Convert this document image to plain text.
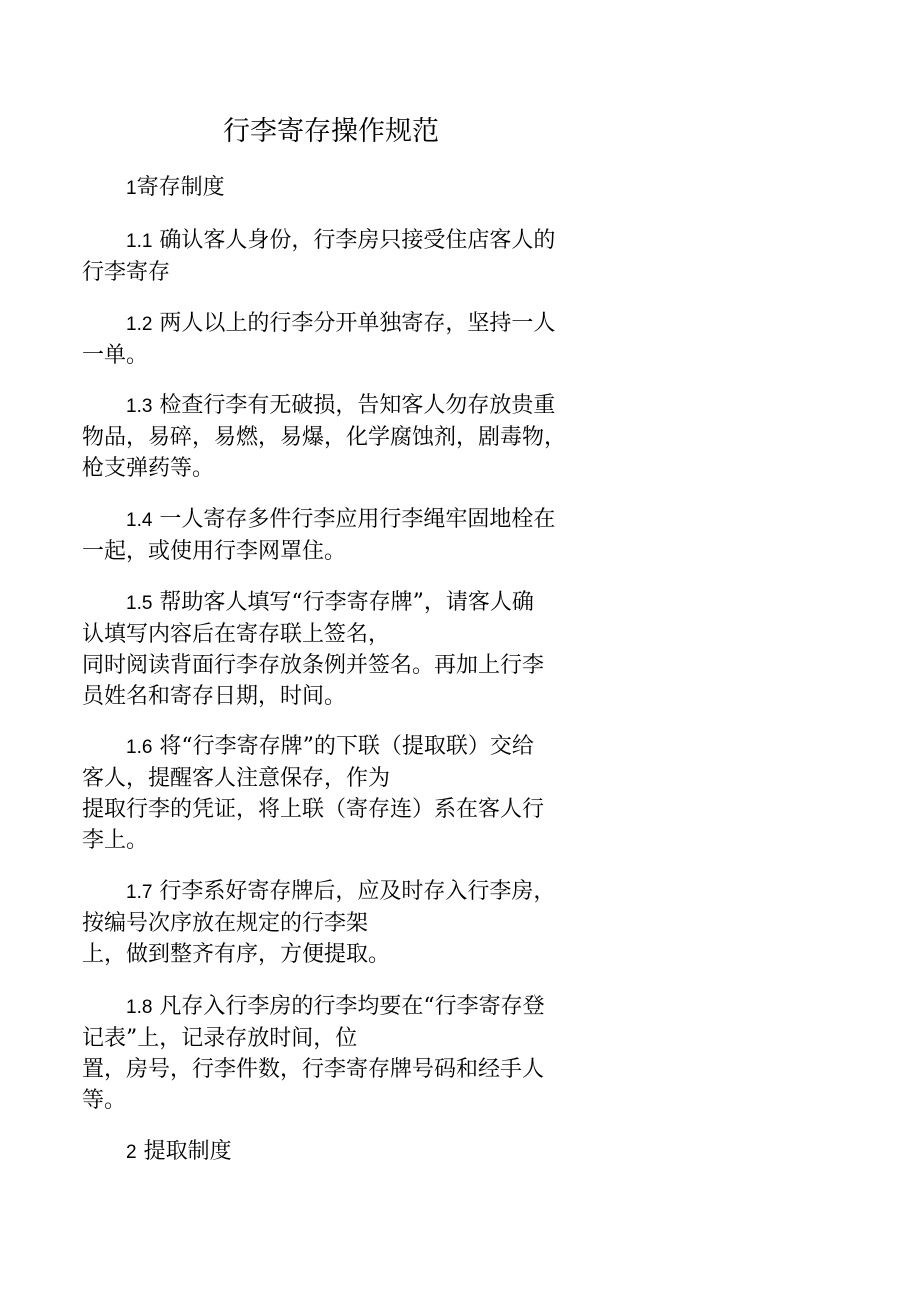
行李寄存操作规范
1寄存制度
1.1 确认客人身份，行李房只接受住店客人的
行李寄存
1.2 两人以上的行李分开单独寄存，坚持一人
一单。
1.3 检查行李有无破损，告知客人勿存放贵重
物品，易碎，易燃，易爆，化学腐蚀剂，剧毒物，
枪支弹药等。
1.4 一人寄存多件行李应用行李绳牢固地栓在
一起，或使用行李网罩住。
1.5 帮助客人填写“行李寄存牌”，请客人确
认填写内容后在寄存联上签名，
同时阅读背面行李存放条例并签名。再加上行李
员姓名和寄存日期，时间。
1.6 将“行李寄存牌”的下联（提取联）交给
客人，提醒客人注意保存，作为
提取行李的凭证，将上联（寄存连）系在客人行
李上。
1.7 行李系好寄存牌后，应及时存入行李房，
按编号次序放在规定的行李架
上，做到整齐有序，方便提取。
1.8 凡存入行李房的行李均要在“行李寄存登
记表”上，记录存放时间，位
置，房号，行李件数，行李寄存牌号码和经手人
等。
2 提取制度
